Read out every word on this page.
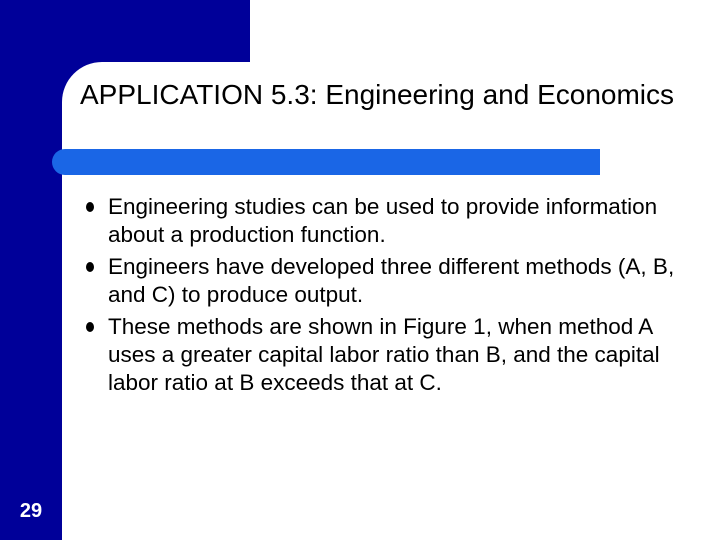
APPLICATION 5.3: Engineering and Economics
Engineering studies can be used to provide information about a production function.
Engineers have developed three different methods (A, B, and C) to produce output.
These methods are shown in Figure 1, when method A uses a greater capital labor ratio than B, and the capital labor ratio at B exceeds that at C.
29
